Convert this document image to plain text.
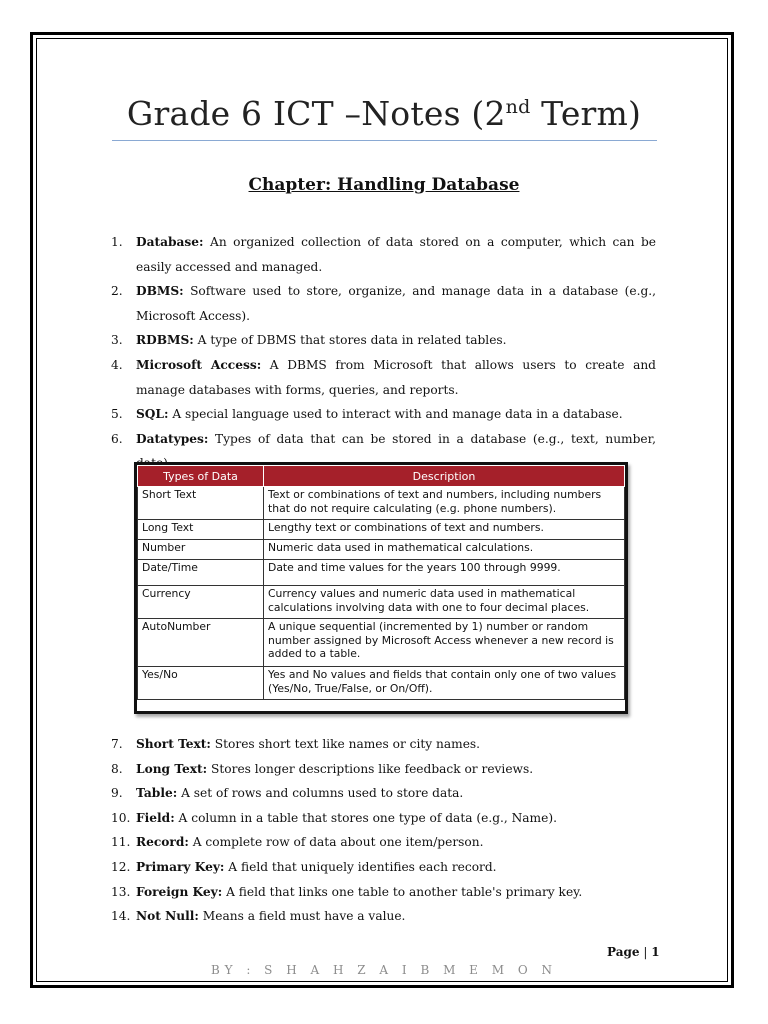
Grade 6 ICT –Notes (2nd Term)
Chapter: Handling Database
1. Database: An organized collection of data stored on a computer, which can be easily accessed and managed.
2. DBMS: Software used to store, organize, and manage data in a database (e.g., Microsoft Access).
3. RDBMS: A type of DBMS that stores data in related tables.
4. Microsoft Access: A DBMS from Microsoft that allows users to create and manage databases with forms, queries, and reports.
5. SQL: A special language used to interact with and manage data in a database.
6. Datatypes: Types of data that can be stored in a database (e.g., text, number,
Types of Data	Description
Short Text	Text or combinations of text and numbers, including numbers that do not require calculating (e.g. phone numbers).
Long Text	Lengthy text or combinations of text and numbers.
Number	Numeric data used in mathematical calculations.
Date/Time	Date and time values for the years 100 through 9999.
Currency	Currency values and numeric data used in mathematical calculations involving data with one to four decimal places.
AutoNumber	A unique sequential (incremented by 1) number or random number assigned by Microsoft Access whenever a new record is added to a table.
Yes/No	Yes and No values and fields that contain only one of two values (Yes/No, True/False, or On/Off).
7. Short Text: Stores short text like names or city names.
8. Long Text: Stores longer descriptions like feedback or reviews.
9. Table: A set of rows and columns used to store data.
10. Field: A column in a table that stores one type of data (e.g., Name).
11. Record: A complete row of data about one item/person.
12. Primary Key: A field that uniquely identifies each record.
13. Foreign Key: A field that links one table to another table's primary key.
14. Not Null: Means a field must have a value.
Page | 1
BY : S H A H Z A I B M E M O N
